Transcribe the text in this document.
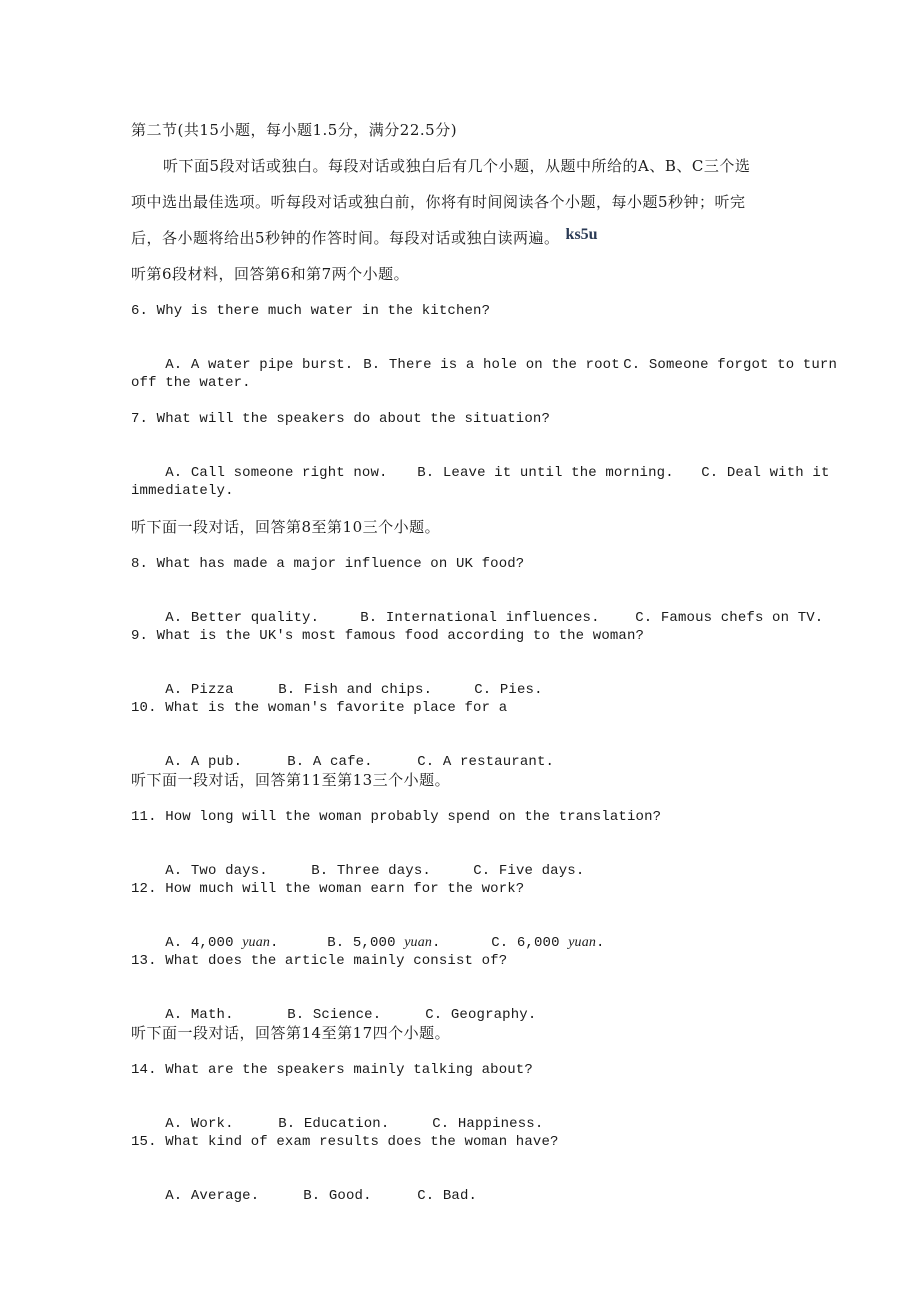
第二节(共15小题，每小题1.5分，满分22.5分)
听下面5段对话或独白。每段对话或独白后有几个小题，从题中所给的A、B、C三个选
项中选出最佳选项。听每段对话或独白前，你将有时间阅读各个小题，每小题5秒钟；听完
后，各小题将给出5秒钟的作答时间。每段对话或独白读两遍。 ks5u
听第6段材料，回答第6和第7两个小题。
6. Why is there much water in the kitchen?

A. A water pipe burst. B. There is a hole on the root C. Someone forgot to turn

off the water.
7. What will the speakers do about the situation?

A. Call someone right now. B. Leave it until the morning. C. Deal with it

immediately.
听下面一段对话，回答第8至第10三个小题。
8. What has made a major influence on UK food?

A. Better quality.	B. International influences.	C. Famous chefs on TV.

9. What is the UK's most famous food according to the woman?

A. Pizza	B. Fish and chips.	C. Pies.

10. What is the woman's favorite place for a

A. A pub.	B. A cafe.	C. A restaurant.

听下面一段对话，回答第11至第13三个小题。
11. How long will the woman probably spend on the translation?

A. Two days.	B. Three days.	C. Five days.

12. How much will the woman earn for the work?

A. 4,000 yuan.	B. 5,000 yuan.	C. 6,000 yuan.

13. What does the article mainly consist of?

A. Math.	B. Science.	C. Geography.

听下面一段对话，回答第14至第17四个小题。
14. What are the speakers mainly talking about?

A. Work.	B. Education.	C. Happiness.

15. What kind of exam results does the woman have?

A. Average.	B. Good.	C. Bad.
